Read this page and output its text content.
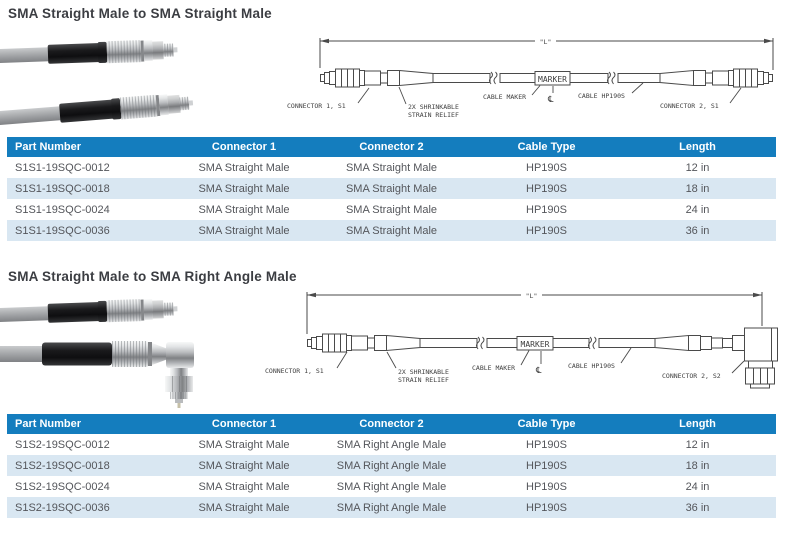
SMA Straight Male to SMA Straight Male
"L"
MARKER
CONNECTOR 1, S1	2X SHRINKABLE
STRAIN RELIEF
CABLE MAKER	℄	CABLE HP190S
CONNECTOR 2, S1
Part Number	Connector 1	Connector 2	Cable Type	Length
S1S1-19SQC-0012	SMA Straight Male	SMA Straight Male	HP190S	12 in
S1S1-19SQC-0018	SMA Straight Male	SMA Straight Male	HP190S	18 in
S1S1-19SQC-0024	SMA Straight Male	SMA Straight Male	HP190S	24 in
S1S1-19SQC-0036	SMA Straight Male	SMA Straight Male	HP190S	36 in
SMA Straight Male to SMA Right Angle Male
"L"
MARKER
CONNECTOR 1, S1	2X SHRINKABLE
STRAIN RELIEF
CABLE MAKER ℄	CABLE HP190S
CONNECTOR 2, S2
Part Number	Connector 1	Connector 2	Cable Type	Length
S1S2-19SQC-0012	SMA Straight Male	SMA Right Angle Male	HP190S	12 in
S1S2-19SQC-0018	SMA Straight Male	SMA Right Angle Male	HP190S	18 in
S1S2-19SQC-0024	SMA Straight Male	SMA Right Angle Male	HP190S	24 in
S1S2-19SQC-0036	SMA Straight Male	SMA Right Angle Male	HP190S	36 in
